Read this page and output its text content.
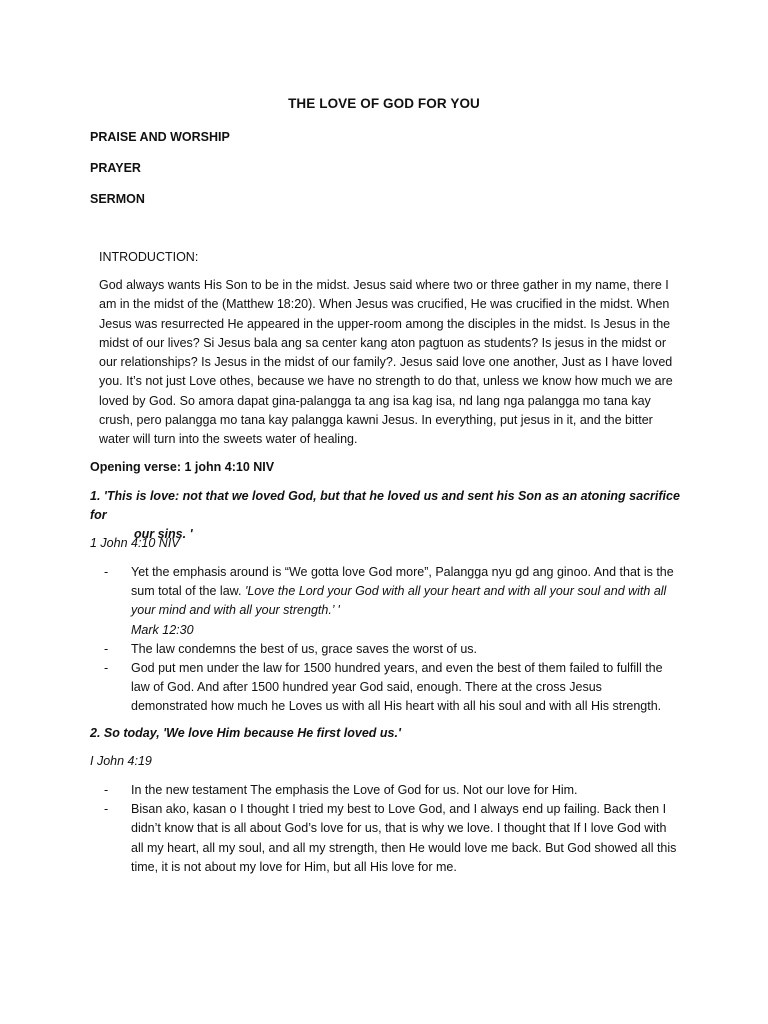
THE LOVE OF GOD FOR YOU

PRAISE AND WORSHIP

PRAYER

SERMON

INTRODUCTION:

God always wants His Son to be in the midst. Jesus said where two or three gather in my name, there I am in the midst of the (Matthew 18:20). When Jesus was crucified, He was crucified in the midst. When Jesus was resurrected He appeared in the upper-room among the disciples in the midst. Is Jesus in the midst of our lives? Si Jesus bala ang sa center kang aton pagtuon as students? Is jesus in the midst or our relationships? Is Jesus in the midst of our family?. Jesus said love one another, Just as I have loved you. It’s not just Love othes, because we have no strength to do that, unless we know how much we are loved by God. So amora dapat gina-palangga ta ang isa kag isa, nd lang nga palangga mo tana kay crush, pero palangga mo tana kay palangga kawni Jesus. In everything, put jesus in it, and the bitter water will turn into the sweets water of healing.

Opening verse: 1 john 4:10 NIV

1. 'This is love: not that we loved God, but that he loved us and sent his Son as an atoning sacrifice for
our sins. '

1 John 4:10 NIV

- Yet the emphasis around is “We gotta love God more”, Palangga nyu gd ang ginoo. And that is the sum total of the law. 'Love the Lord your God with all your heart and with all your soul and with all your mind and with all your strength.’ '
Mark 12:30
- The law condemns the best of us, grace saves the worst of us.
- God put men under the law for 1500 hundred years, and even the best of them failed to fulfill the law of God. And after 1500 hundred year God said, enough. There at the cross Jesus demonstrated how much he Loves us with all His heart with all his soul and with all His strength.

2. So today, 'We love Him because He first loved us.'

I John 4:19

- In the new testament The emphasis the Love of God for us. Not our love for Him.
- Bisan ako, kasan o I thought I tried my best to Love God, and I always end up failing. Back then I didn’t know that is all about God’s love for us, that is why we love. I thought that If I love God with all my heart, all my soul, and all my strength, then He would love me back. But God showed all this time, it is not about my love for Him, but all His love for me.
